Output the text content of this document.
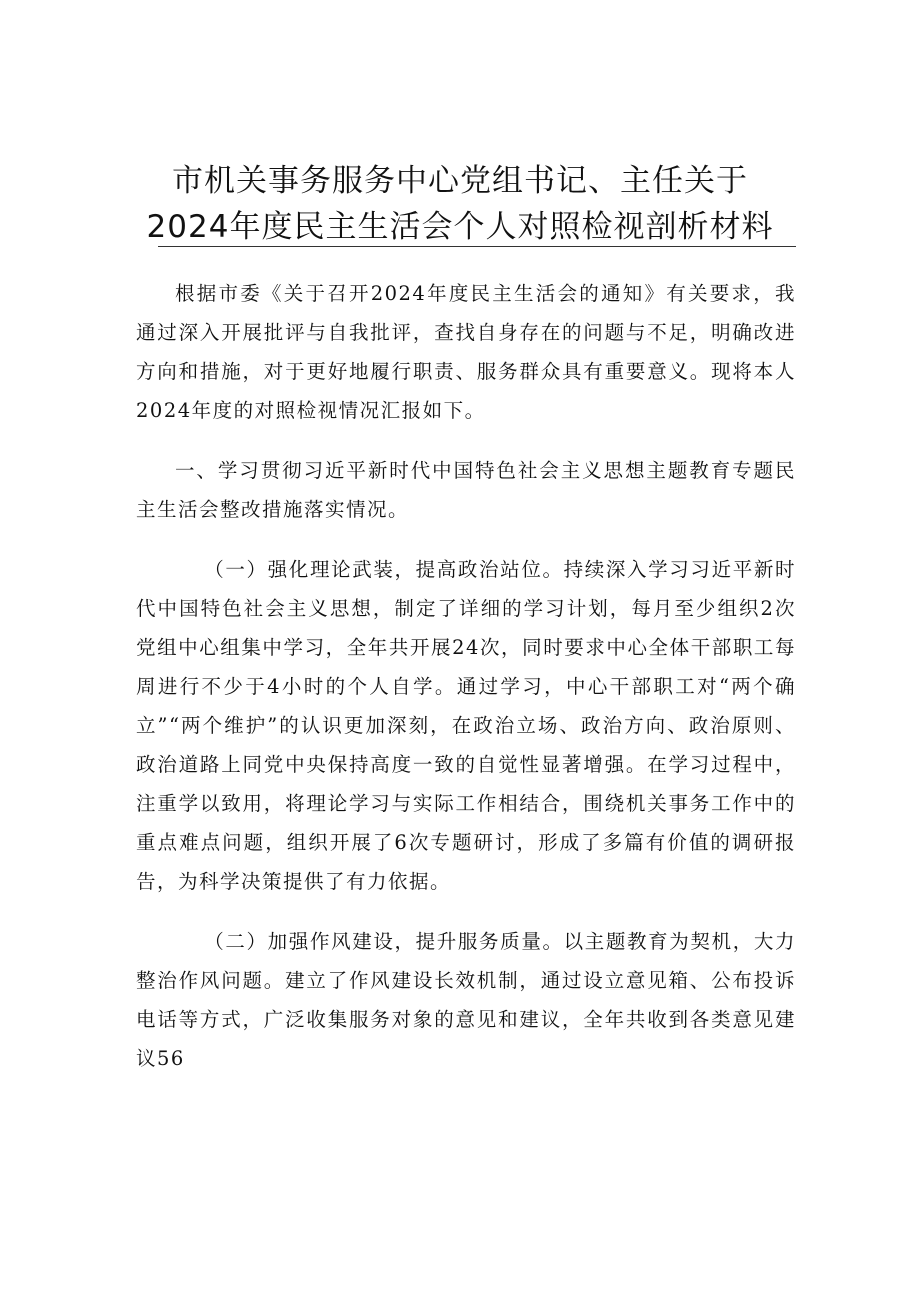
市机关事务服务中心党组书记、主任关于
2024年度民主生活会个人对照检视剖析材料

根据市委《关于召开2024年度民主生活会的通知》有关要求，我通过深入开展批评与自我批评，查找自身存在的问题与不足，明确改进方向和措施，对于更好地履行职责、服务群众具有重要意义。现将本人2024年度的对照检视情况汇报如下。

一、学习贯彻习近平新时代中国特色社会主义思想主题教育专题民主生活会整改措施落实情况。

（一）强化理论武装，提高政治站位。持续深入学习习近平新时代中国特色社会主义思想，制定了详细的学习计划，每月至少组织2次党组中心组集中学习，全年共开展24次，同时要求中心全体干部职工每周进行不少于4小时的个人自学。通过学习，中心干部职工对“两个确立”“两个维护”的认识更加深刻，在政治立场、政治方向、政治原则、政治道路上同党中央保持高度一致的自觉性显著增强。在学习过程中，注重学以致用，将理论学习与实际工作相结合，围绕机关事务工作中的重点难点问题，组织开展了6次专题研讨，形成了多篇有价值的调研报告，为科学决策提供了有力依据。

（二）加强作风建设，提升服务质量。以主题教育为契机，大力整治作风问题。建立了作风建设长效机制，通过设立意见箱、公布投诉电话等方式，广泛收集服务对象的意见和建议，全年共收到各类意见建议56
